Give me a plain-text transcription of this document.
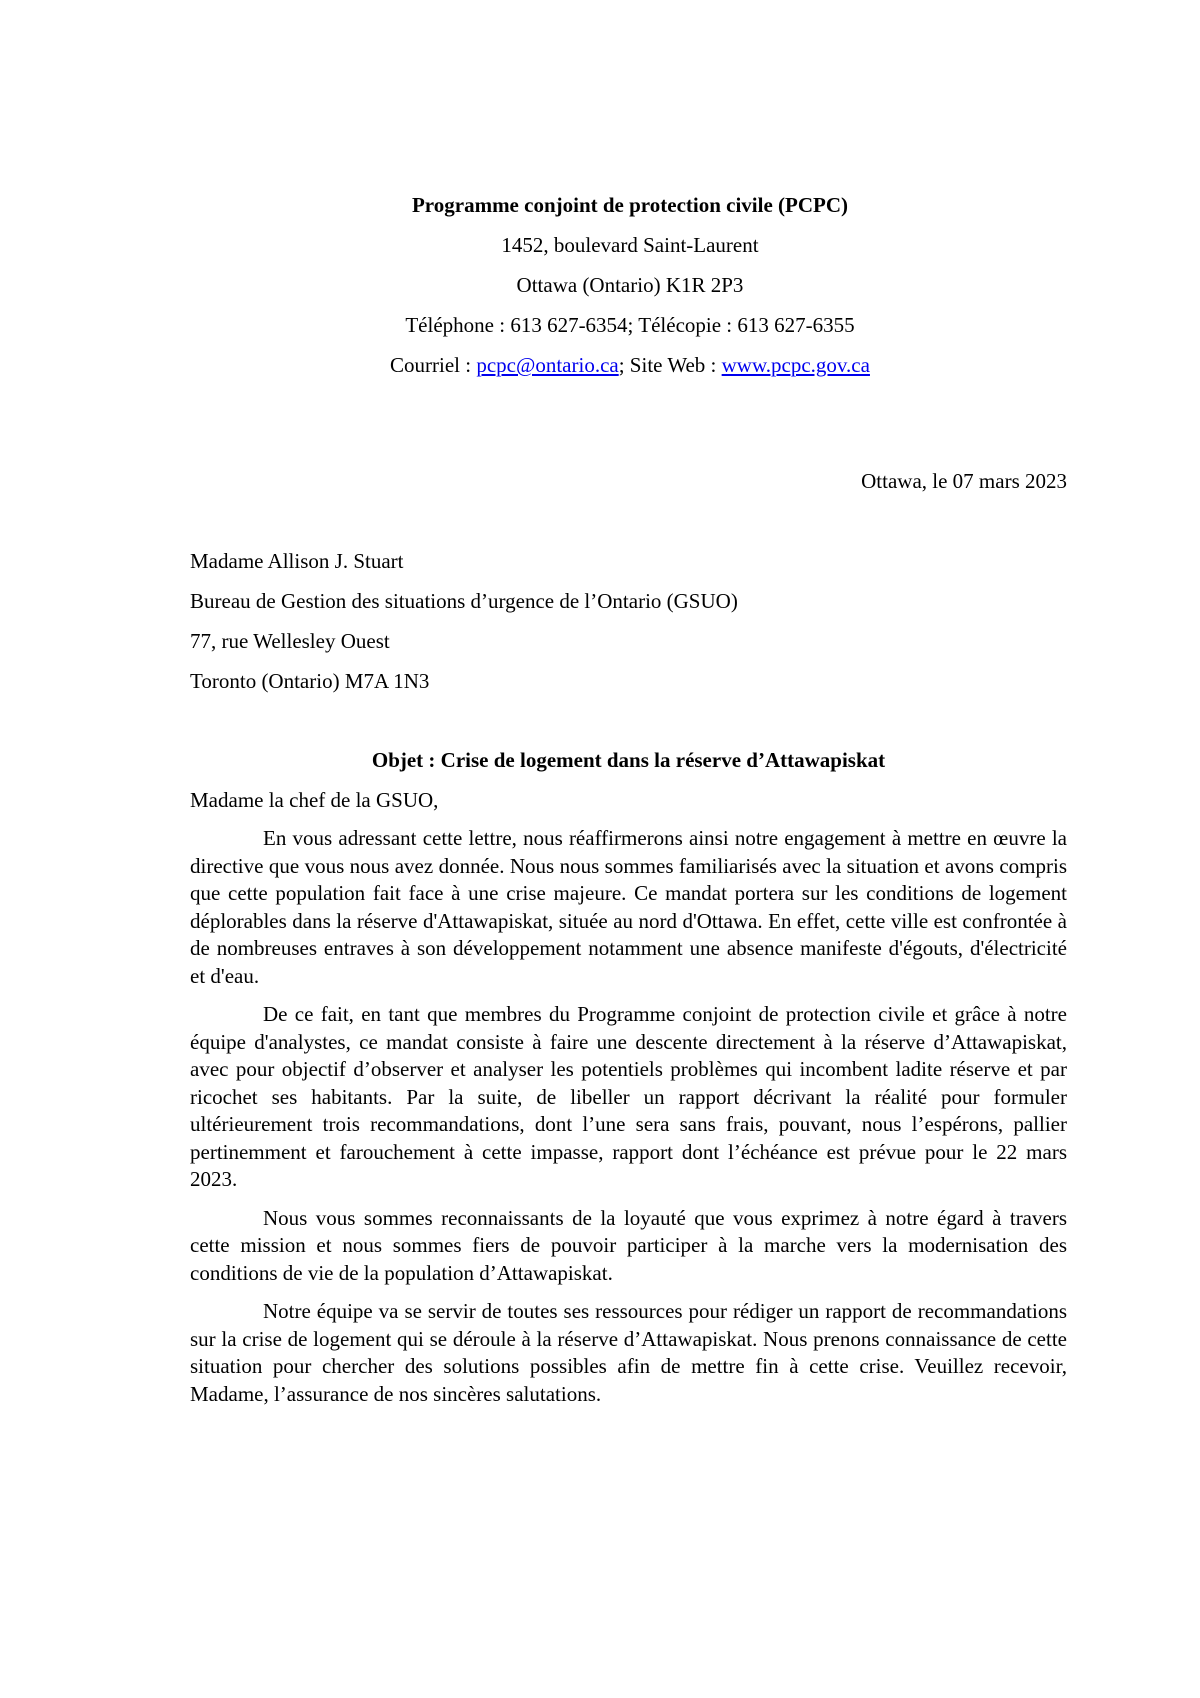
Programme conjoint de protection civile (PCPC)
1452, boulevard Saint-Laurent
Ottawa (Ontario) K1R 2P3
Téléphone : 613 627-6354; Télécopie : 613 627-6355
Courriel : pcpc@ontario.ca; Site Web : www.pcpc.gov.ca
Ottawa, le 07 mars 2023
Madame Allison J. Stuart
Bureau de Gestion des situations d’urgence de l’Ontario (GSUO)
77, rue Wellesley Ouest
Toronto (Ontario) M7A 1N3
Objet : Crise de logement dans la réserve d’Attawapiskat
Madame la chef de la GSUO,

En vous adressant cette lettre, nous réaffirmerons ainsi notre engagement à mettre en œuvre la directive que vous nous avez donnée. Nous nous sommes familiarisés avec la situation et avons compris que cette population fait face à une crise majeure. Ce mandat portera sur les conditions de logement déplorables dans la réserve d'Attawapiskat, située au nord d'Ottawa. En effet, cette ville est confrontée à de nombreuses entraves à son développement notamment une absence manifeste d'égouts, d'électricité et d'eau.

De ce fait, en tant que membres du Programme conjoint de protection civile et grâce à notre équipe d'analystes, ce mandat consiste à faire une descente directement à la réserve d’Attawapiskat, avec pour objectif d’observer et analyser les potentiels problèmes qui incombent ladite réserve et par ricochet ses habitants. Par la suite, de libeller un rapport décrivant la réalité pour formuler ultérieurement trois recommandations, dont l’une sera sans frais, pouvant, nous l’espérons, pallier pertinemment et farouchement à cette impasse, rapport dont l’échéance est prévue pour le 22 mars 2023.

Nous vous sommes reconnaissants de la loyauté que vous exprimez à notre égard à travers cette mission et nous sommes fiers de pouvoir participer à la marche vers la modernisation des conditions de vie de la population d’Attawapiskat.

Notre équipe va se servir de toutes ses ressources pour rédiger un rapport de recommandations sur la crise de logement qui se déroule à la réserve d’Attawapiskat. Nous prenons connaissance de cette situation pour chercher des solutions possibles afin de mettre fin à cette crise. Veuillez recevoir, Madame, l’assurance de nos sincères salutations.
